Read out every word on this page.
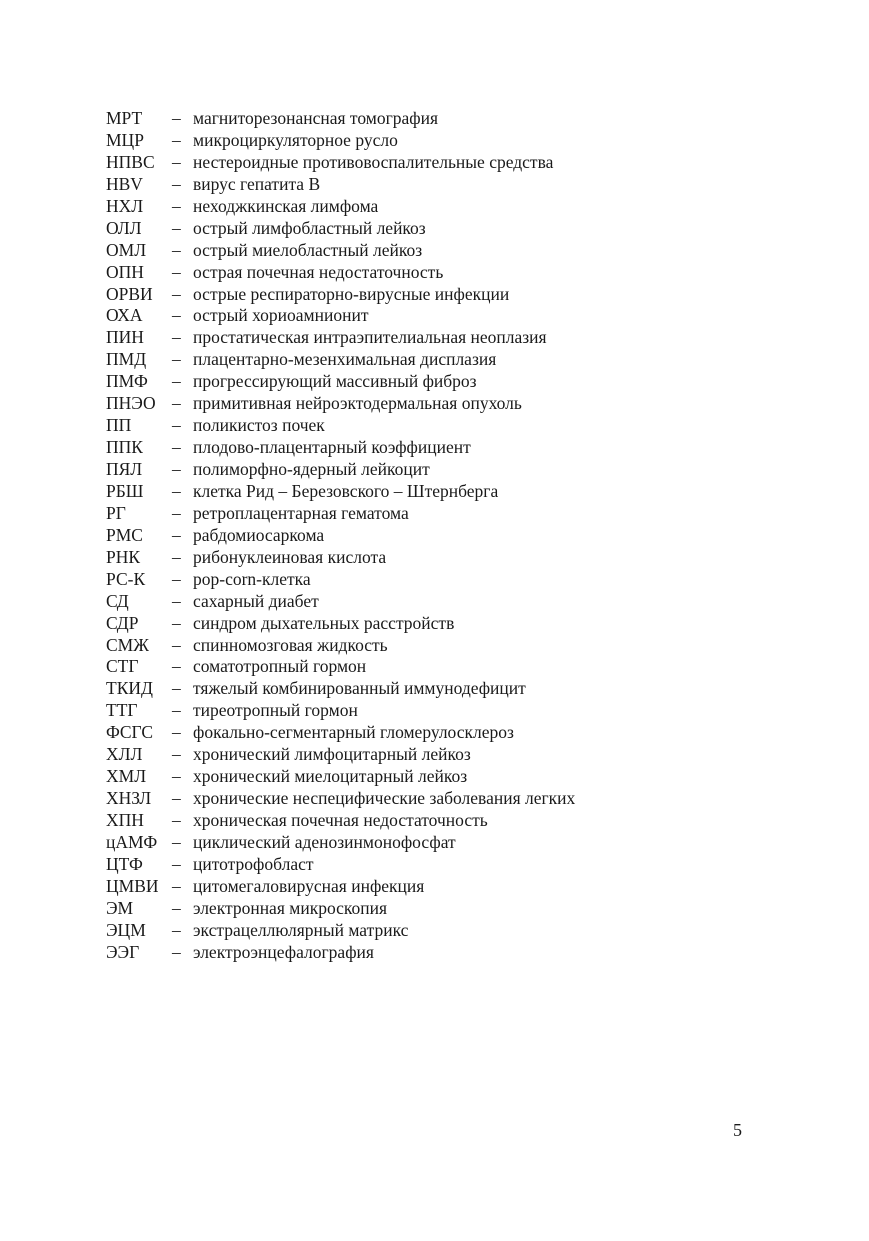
МРТ	– магниторезонансная томография
МЦР	– микроциркуляторное русло
НПВС – нестероидные противовоспалительные средства
HBV	– вирус гепатита B
НХЛ	– неходжкинская лимфома
ОЛЛ	– острый лимфобластный лейкоз
ОМЛ	– острый миелобластный лейкоз
ОПН	– острая почечная недостаточность
ОРВИ	– острые респираторно-вирусные инфекции
ОХА	– острый хориоамнионит
ПИН	– простатическая интраэпителиальная неоплазия
ПМД	– плацентарно-мезенхимальная дисплазия
ПМФ	– прогрессирующий массивный фиброз
ПНЭО – примитивная нейроэктодермальная опухоль
ПП	– поликистоз почек
ППК	– плодово-плацентарный коэффициент
ПЯЛ	– полиморфно-ядерный лейкоцит
РБШ	– клетка Рид – Березовского – Штернберга
РГ	– ретроплацентарная гематома
РМС	– рабдомиосаркома
РНК	– рибонуклеиновая кислота
РС-К	– pop-corn-клетка
СД	– сахарный диабет
СДР	– синдром дыхательных расстройств
СМЖ	– спинномозговая жидкость
СТГ	– соматотропный гормон
ТКИД	– тяжелый комбинированный иммунодефицит
ТТГ	– тиреотропный гормон
ФСГС	– фокально-сегментарный гломерулосклероз
ХЛЛ	– хронический лимфоцитарный лейкоз
ХМЛ	– хронический миелоцитарный лейкоз
ХНЗЛ	– хронические неспецифические заболевания легких
ХПН	– хроническая почечная недостаточность
цАМФ – циклический аденозинмонофосфат
ЦТФ	– цитотрофобласт
ЦМВИ – цитомегаловирусная инфекция
ЭМ	– электронная микроскопия
ЭЦМ	– экстрацеллюлярный матрикс
ЭЭГ	– электроэнцефалография
5
